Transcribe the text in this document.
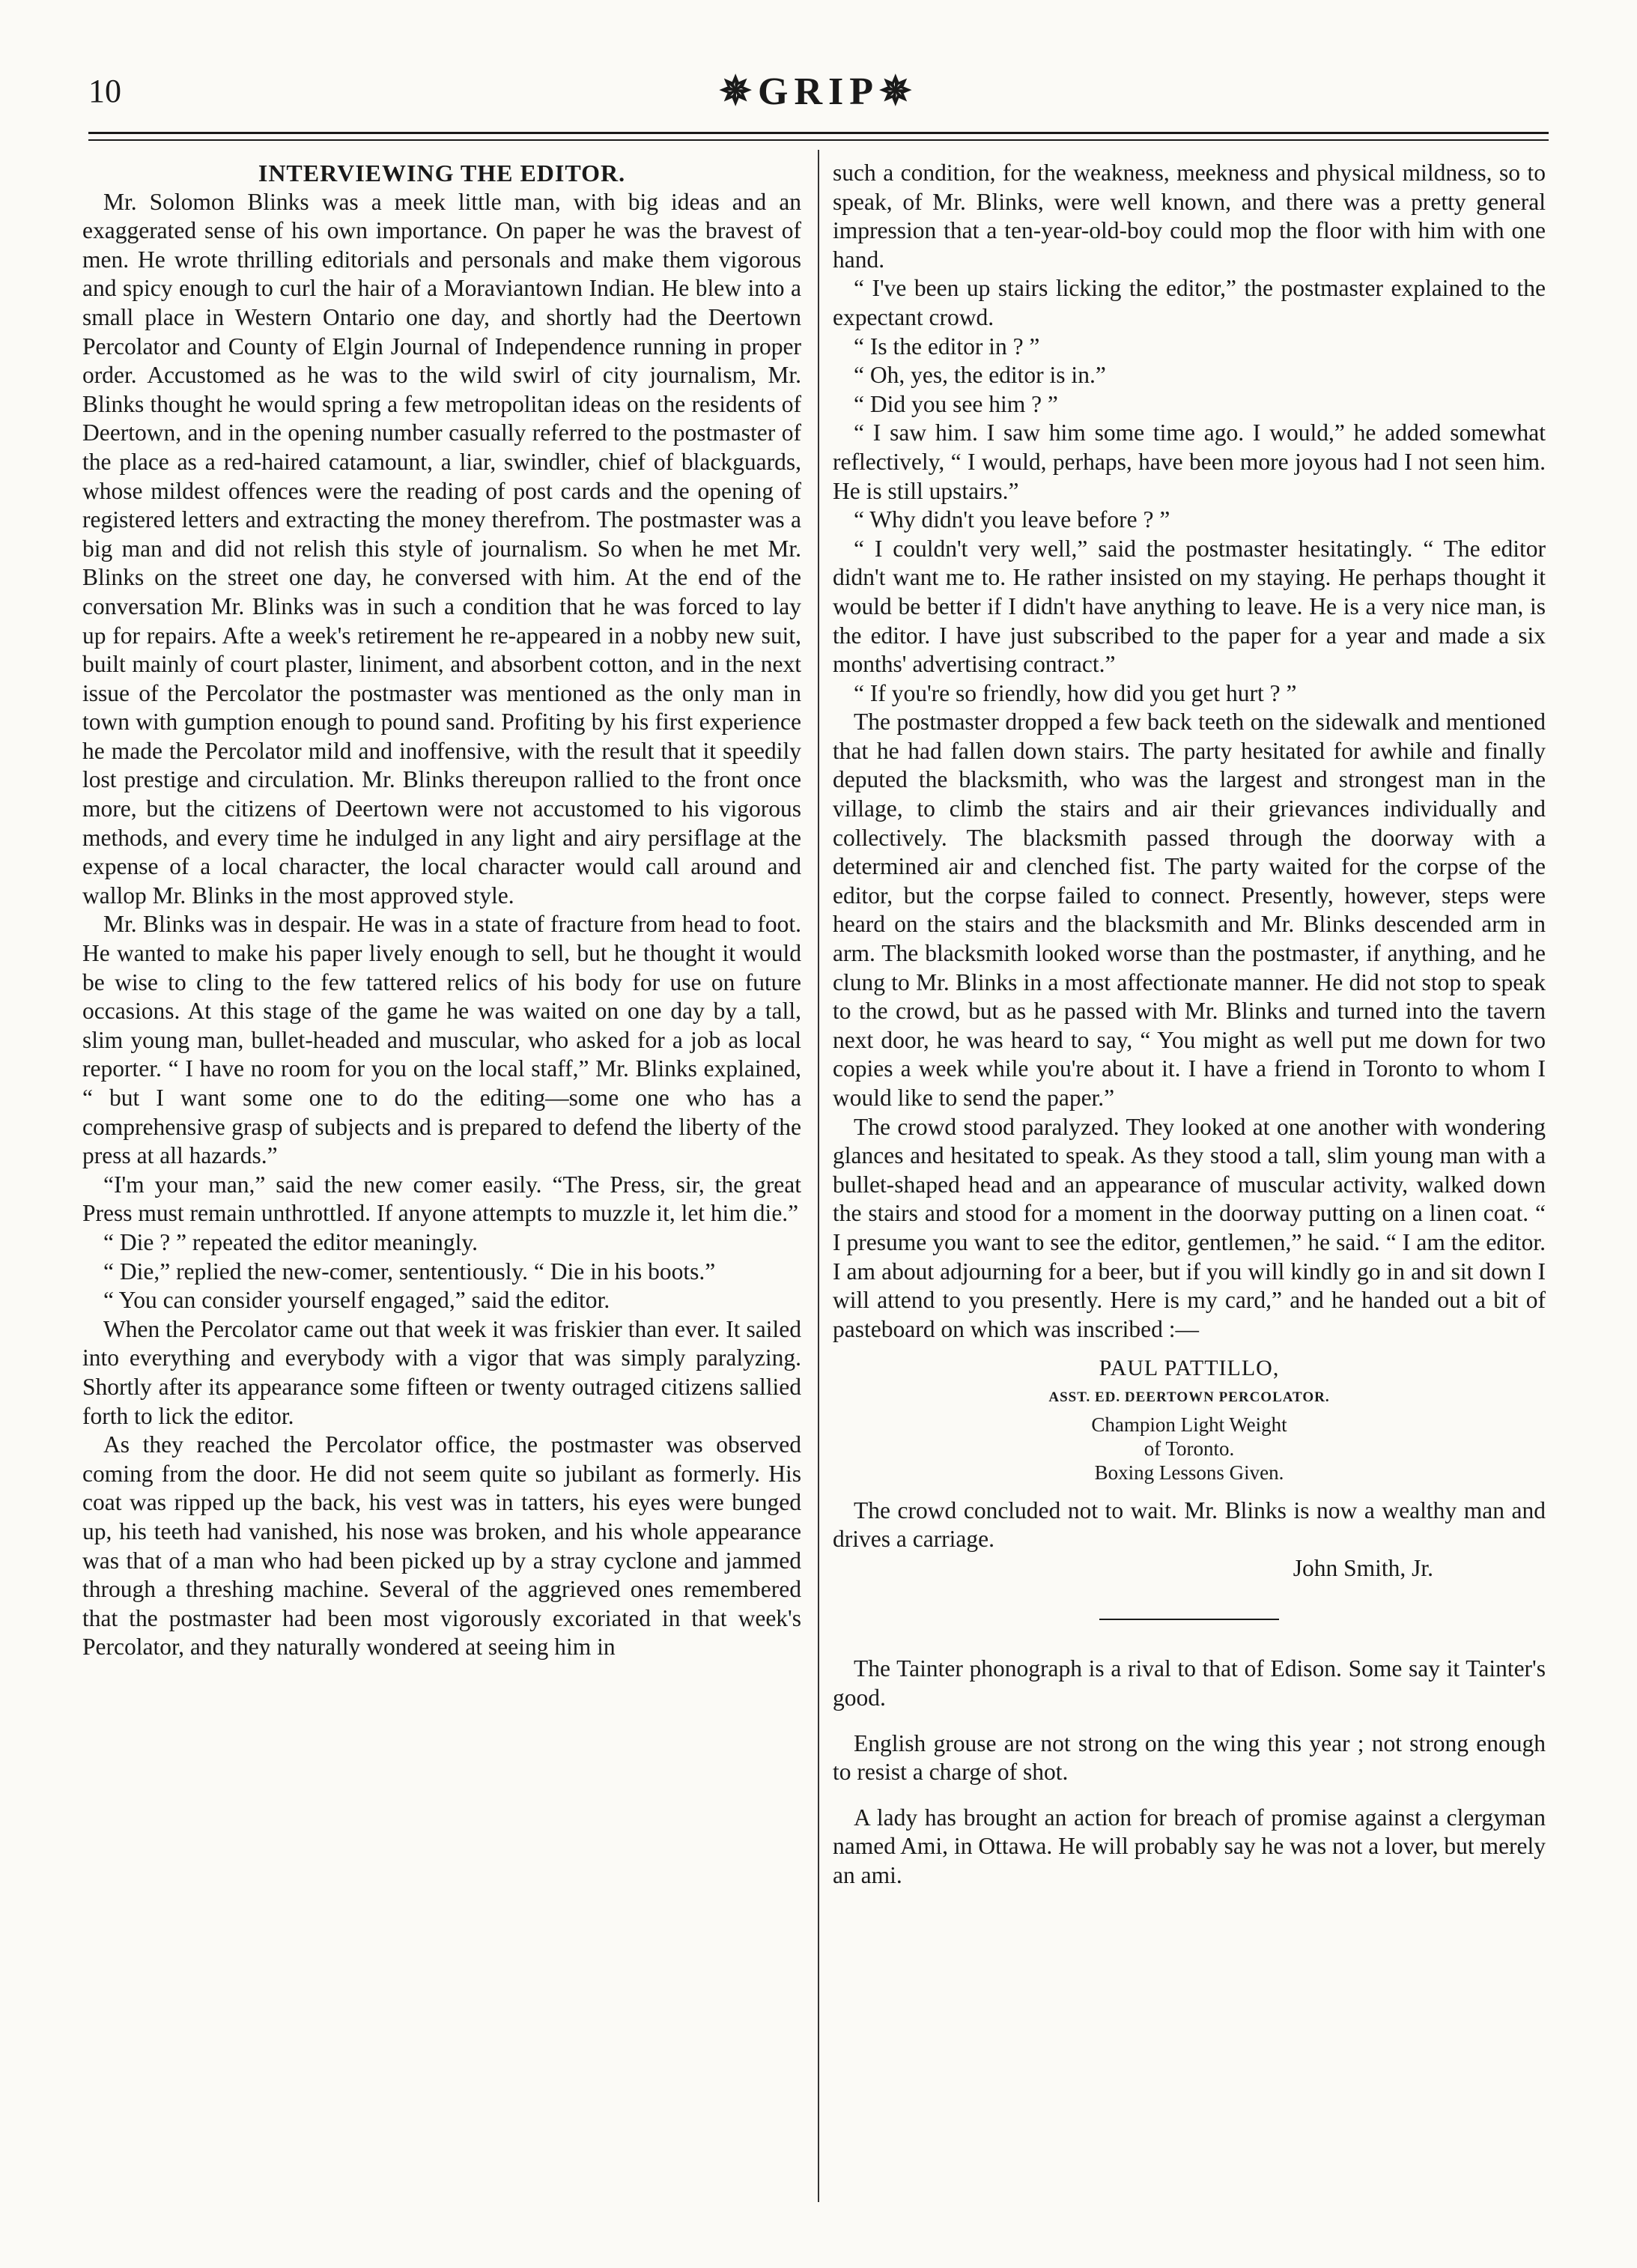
10	✵GRIP✵

INTERVIEWING THE EDITOR.

Mr. Solomon Blinks was a meek little man, with big ideas and an exaggerated sense of his own importance. On paper he was the bravest of men. He wrote thrilling editorials and personals and make them vigorous and spicy enough to curl the hair of a Moraviantown Indian. He blew into a small place in Western Ontario one day, and shortly had the Deertown Percolator and County of Elgin Journal of Independence running in proper order. Accustomed as he was to the wild swirl of city journalism, Mr. Blinks thought he would spring a few metropolitan ideas on the residents of Deertown, and in the opening number casually referred to the postmaster of the place as a red-haired catamount, a liar, swindler, chief of blackguards, whose mildest offences were the reading of post cards and the opening of registered letters and extracting the money therefrom. The postmaster was a big man and did not relish this style of journalism. So when he met Mr. Blinks on the street one day, he conversed with him. At the end of the conversation Mr. Blinks was in such a condition that he was forced to lay up for repairs. Afte a week's retirement he re-appeared in a nobby new suit, built mainly of court plaster, liniment, and absorbent cotton, and in the next issue of the Percolator the postmaster was mentioned as the only man in town with gumption enough to pound sand. Profiting by his first experience he made the Percolator mild and inoffensive, with the result that it speedily lost prestige and circulation. Mr. Blinks thereupon rallied to the front once more, but the citizens of Deertown were not accustomed to his vigorous methods, and every time he indulged in any light and airy persiflage at the expense of a local character, the local character would call around and wallop Mr. Blinks in the most approved style.

Mr. Blinks was in despair. He was in a state of fracture from head to foot. He wanted to make his paper lively enough to sell, but he thought it would be wise to cling to the few tattered relics of his body for use on future occasions. At this stage of the game he was waited on one day by a tall, slim young man, bullet-headed and muscular, who asked for a job as local reporter. “ I have no room for you on the local staff,” Mr. Blinks explained, “ but I want some one to do the editing—some one who has a comprehensive grasp of subjects and is prepared to defend the liberty of the press at all hazards.”

“I'm your man,” said the new comer easily. “The Press, sir, the great Press must remain unthrottled. If anyone attempts to muzzle it, let him die.”

“ Die ? ” repeated the editor meaningly.

“ Die,” replied the new-comer, sententiously. “ Die in his boots.”

“ You can consider yourself engaged,” said the editor.

When the Percolator came out that week it was friskier than ever. It sailed into everything and everybody with a vigor that was simply paralyzing. Shortly after its appearance some fifteen or twenty outraged citizens sallied forth to lick the editor.

As they reached the Percolator office, the postmaster was observed coming from the door. He did not seem quite so jubilant as formerly. His coat was ripped up the back, his vest was in tatters, his eyes were bunged up, his teeth had vanished, his nose was broken, and his whole appearance was that of a man who had been picked up by a stray cyclone and jammed through a threshing machine. Several of the aggrieved ones remembered that the postmaster had been most vigorously excoriated in that week's Percolator, and they naturally wondered at seeing him in

such a condition, for the weakness, meekness and physical mildness, so to speak, of Mr. Blinks, were well known, and there was a pretty general impression that a ten-year-old-boy could mop the floor with him with one hand.

“ I've been up stairs licking the editor,” the postmaster explained to the expectant crowd.

“ Is the editor in ? ”

“ Oh, yes, the editor is in.”

“ Did you see him ? ”

“ I saw him. I saw him some time ago. I would,” he added somewhat reflectively, “ I would, perhaps, have been more joyous had I not seen him. He is still upstairs.”

“ Why didn't you leave before ? ”

“ I couldn't very well,” said the postmaster hesitatingly. “ The editor didn't want me to. He rather insisted on my staying. He perhaps thought it would be better if I didn't have anything to leave. He is a very nice man, is the editor. I have just subscribed to the paper for a year and made a six months' advertising contract.”

“ If you're so friendly, how did you get hurt ? ”

The postmaster dropped a few back teeth on the sidewalk and mentioned that he had fallen down stairs. The party hesitated for awhile and finally deputed the blacksmith, who was the largest and strongest man in the village, to climb the stairs and air their grievances individually and collectively. The blacksmith passed through the doorway with a determined air and clenched fist. The party waited for the corpse of the editor, but the corpse failed to connect. Presently, however, steps were heard on the stairs and the blacksmith and Mr. Blinks descended arm in arm. The blacksmith looked worse than the postmaster, if anything, and he clung to Mr. Blinks in a most affectionate manner. He did not stop to speak to the crowd, but as he passed with Mr. Blinks and turned into the tavern next door, he was heard to say, “ You might as well put me down for two copies a week while you're about it. I have a friend in Toronto to whom I would like to send the paper.”

The crowd stood paralyzed. They looked at one another with wondering glances and hesitated to speak. As they stood a tall, slim young man with a bullet-shaped head and an appearance of muscular activity, walked down the stairs and stood for a moment in the doorway putting on a linen coat. “ I presume you want to see the editor, gentlemen,” he said. “ I am the editor. I am about adjourning for a beer, but if you will kindly go in and sit down I will attend to you presently. Here is my card,” and he handed out a bit of pasteboard on which was inscribed :—

PAUL PATTILLO,
ASST. ED. DEERTOWN PERCOLATOR.
Champion Light Weight
of Toronto.
Boxing Lessons Given.

The crowd concluded not to wait. Mr. Blinks is now a wealthy man and drives a carriage.

John Smith, Jr.

The Tainter phonograph is a rival to that of Edison. Some say it Tainter's good.

English grouse are not strong on the wing this year ; not strong enough to resist a charge of shot.

A lady has brought an action for breach of promise against a clergyman named Ami, in Ottawa. He will probably say he was not a lover, but merely an ami.
